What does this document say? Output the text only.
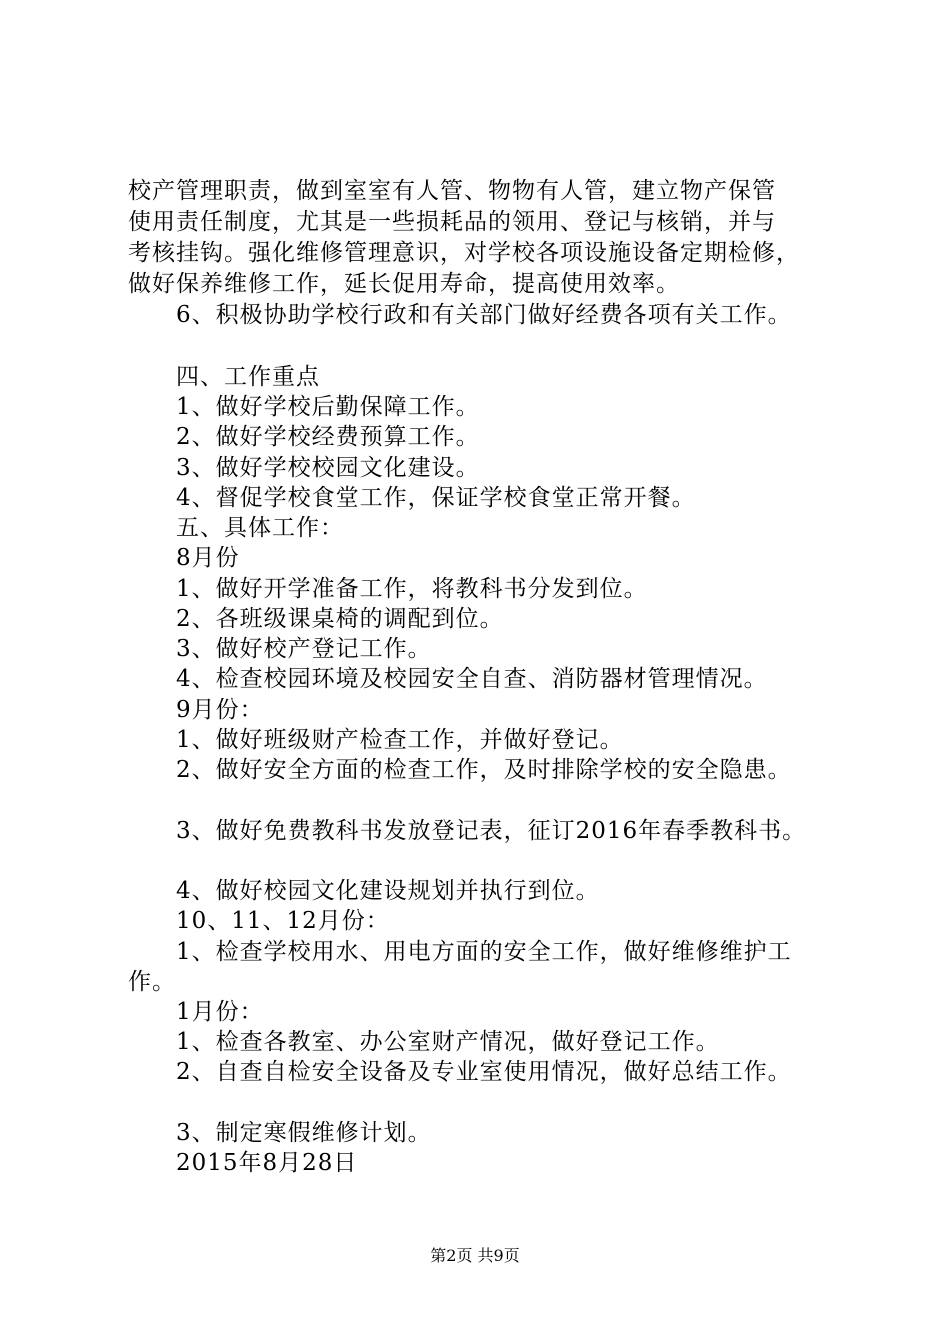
校产管理职责，做到室室有人管、物物有人管，建立物产保管
使用责任制度，尤其是一些损耗品的领用、登记与核销，并与
考核挂钩。强化维修管理意识，对学校各项设施设备定期检修，
做好保养维修工作，延长促用寿命，提高使用效率。
6、积极协助学校行政和有关部门做好经费各项有关工作。
四、工作重点
1、做好学校后勤保障工作。
2、做好学校经费预算工作。
3、做好学校校园文化建设。
4、督促学校食堂工作，保证学校食堂正常开餐。
五、具体工作：
8月份
1、做好开学准备工作，将教科书分发到位。
2、各班级课桌椅的调配到位。
3、做好校产登记工作。
4、检查校园环境及校园安全自查、消防器材管理情况。
9月份：
1、做好班级财产检查工作，并做好登记。
2、做好安全方面的检查工作，及时排除学校的安全隐患。
3、做好免费教科书发放登记表，征订2016年春季教科书。
4、做好校园文化建设规划并执行到位。
10、11、12月份：
1、检查学校用水、用电方面的安全工作，做好维修维护工
作。
1月份：
1、检查各教室、办公室财产情况，做好登记工作。
2、自查自检安全设备及专业室使用情况，做好总结工作。
3、制定寒假维修计划。
2015年8月28日
第2页 共9页
